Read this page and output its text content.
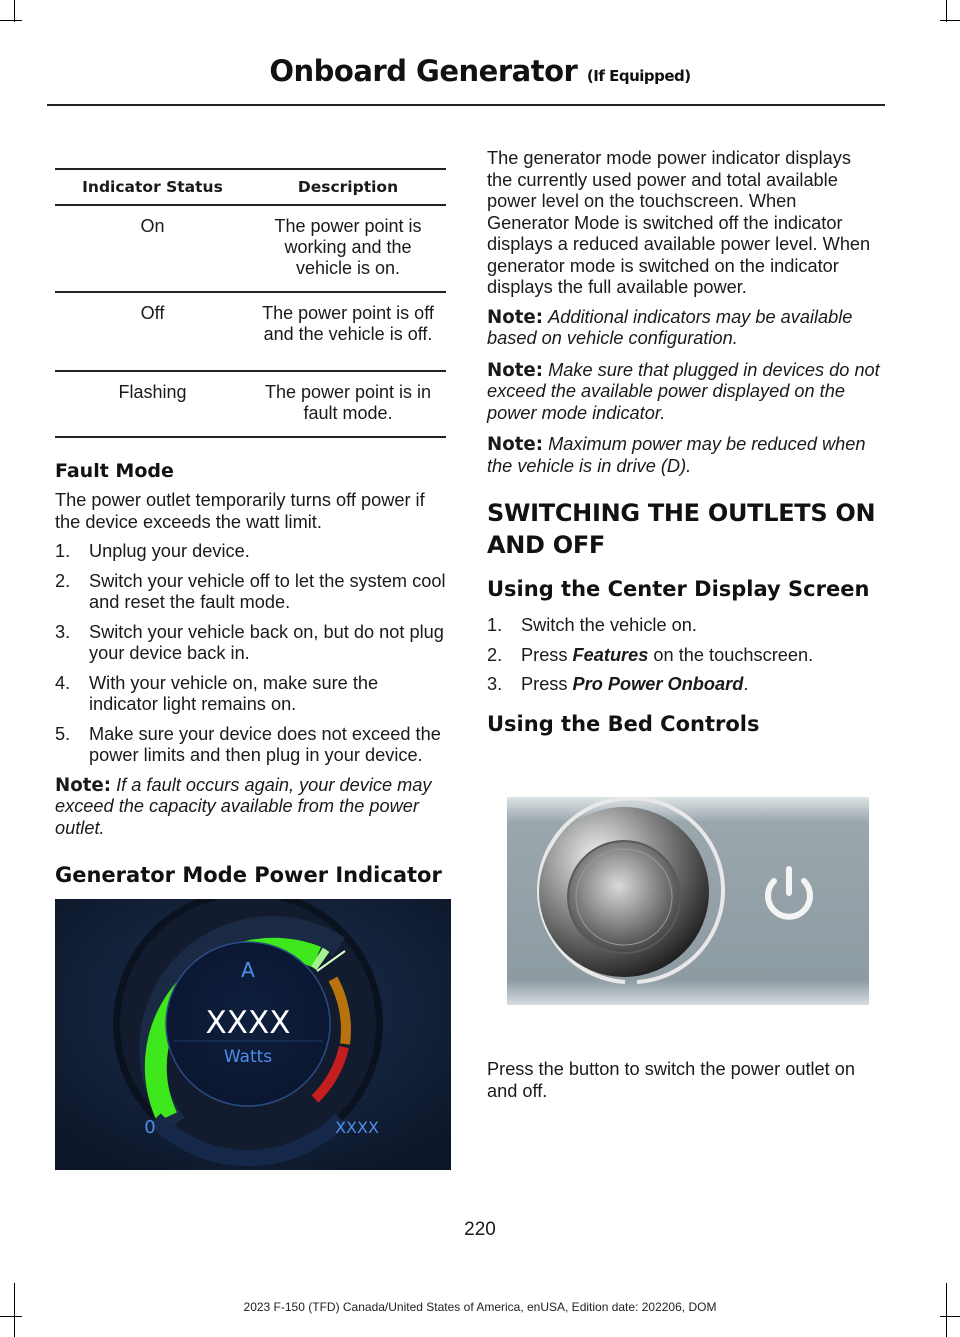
Onboard Generator (If Equipped)
Indicator Status	Description
On	The power point is working and the vehicle is on.
Off	The power point is off and the vehicle is off.
Flashing	The power point is in fault mode.
Fault Mode

The power outlet temporarily turns off power if the device exceeds the watt limit.

1. Unplug your device.
2. Switch your vehicle off to let the system cool and reset the fault mode.
3. Switch your vehicle back on, but do not plug your device back in.
4. With your vehicle on, make sure the indicator light remains on.
5. Make sure your device does not exceed the power limits and then plug in your device.

Note: If a fault occurs again, your device may exceed the capacity available from the power outlet.

Generator Mode Power Indicator
A
XXXX
Watts
0	XXXX

The generator mode power indicator displays the currently used power and total available power level on the touchscreen. When Generator Mode is switched off the indicator displays a reduced available power level. When generator mode is switched on the indicator displays the full available power.

Note: Additional indicators may be available based on vehicle configuration.

Note: Make sure that plugged in devices do not exceed the available power displayed on the power mode indicator.

Note: Maximum power may be reduced when the vehicle is in drive (D).

SWITCHING THE OUTLETS ON
AND OFF
Using the Center Display Screen
1. Switch the vehicle on.
2. Press Features on the touchscreen.
3. Press Pro Power Onboard.
Using the Bed Controls

Press the button to switch the power outlet on and off.

220
2023 F-150 (TFD) Canada/United States of America, enUSA, Edition date: 202206, DOM
